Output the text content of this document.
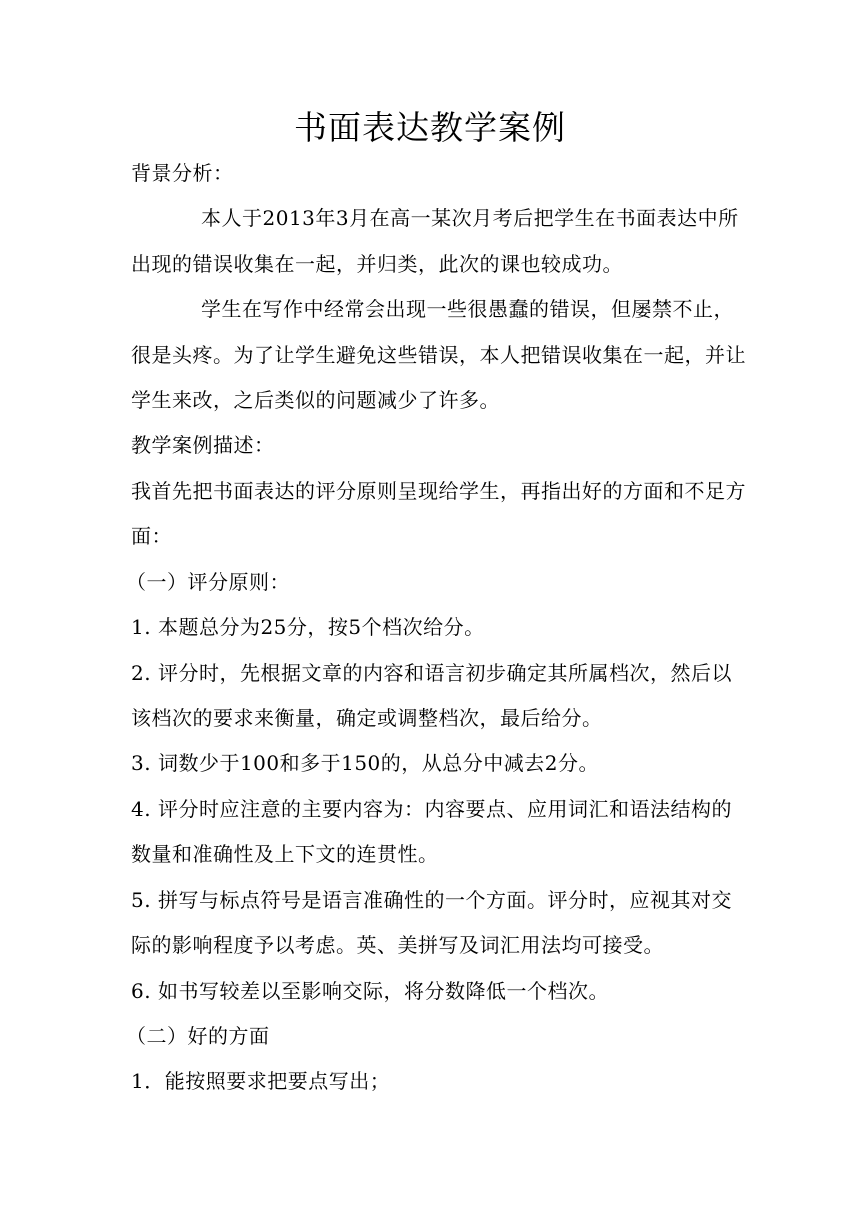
书面表达教学案例
背景分析：
本人于2013年3月在高一某次月考后把学生在书面表达中所
出现的错误收集在一起，并归类，此次的课也较成功。
学生在写作中经常会出现一些很愚蠢的错误，但屡禁不止，
很是头疼。为了让学生避免这些错误，本人把错误收集在一起，并让
学生来改，之后类似的问题减少了许多。
教学案例描述：
我首先把书面表达的评分原则呈现给学生，再指出好的方面和不足方
面：
（一）评分原则：
1. 本题总分为25分，按5个档次给分。
2. 评分时，先根据文章的内容和语言初步确定其所属档次，然后以
该档次的要求来衡量，确定或调整档次，最后给分。
3. 词数少于100和多于150的，从总分中减去2分。
4. 评分时应注意的主要内容为：内容要点、应用词汇和语法结构的
数量和准确性及上下文的连贯性。
5. 拼写与标点符号是语言准确性的一个方面。评分时，应视其对交
际的影响程度予以考虑。英、美拼写及词汇用法均可接受。
6. 如书写较差以至影响交际，将分数降低一个档次。
（二）好的方面
1．能按照要求把要点写出；
